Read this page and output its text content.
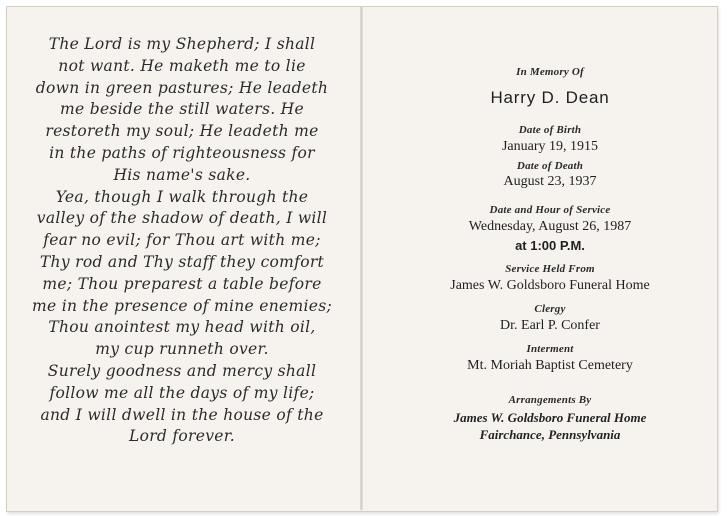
The Lord is my Shepherd; I shall
not want. He maketh me to lie
down in green pastures; He leadeth
me beside the still waters. He
restoreth my soul; He leadeth me
in the paths of righteousness for
His name's sake.
Yea, though I walk through the
valley of the shadow of death, I will
fear no evil; for Thou art with me;
Thy rod and Thy staff they comfort
me; Thou preparest a table before
me in the presence of mine enemies;
Thou anointest my head with oil,
my cup runneth over.
Surely goodness and mercy shall
follow me all the days of my life;
and I will dwell in the house of the
Lord forever.
In Memory Of
Harry D. Dean
Date of Birth
January 19, 1915
Date of Death
August 23, 1937
Date and Hour of Service
Wednesday, August 26, 1987
at 1:00 P.M.
Service Held From
James W. Goldsboro Funeral Home
Clergy
Dr. Earl P. Confer
Interment
Mt. Moriah Baptist Cemetery
Arrangements By
James W. Goldsboro Funeral Home
Fairchance, Pennsylvania
